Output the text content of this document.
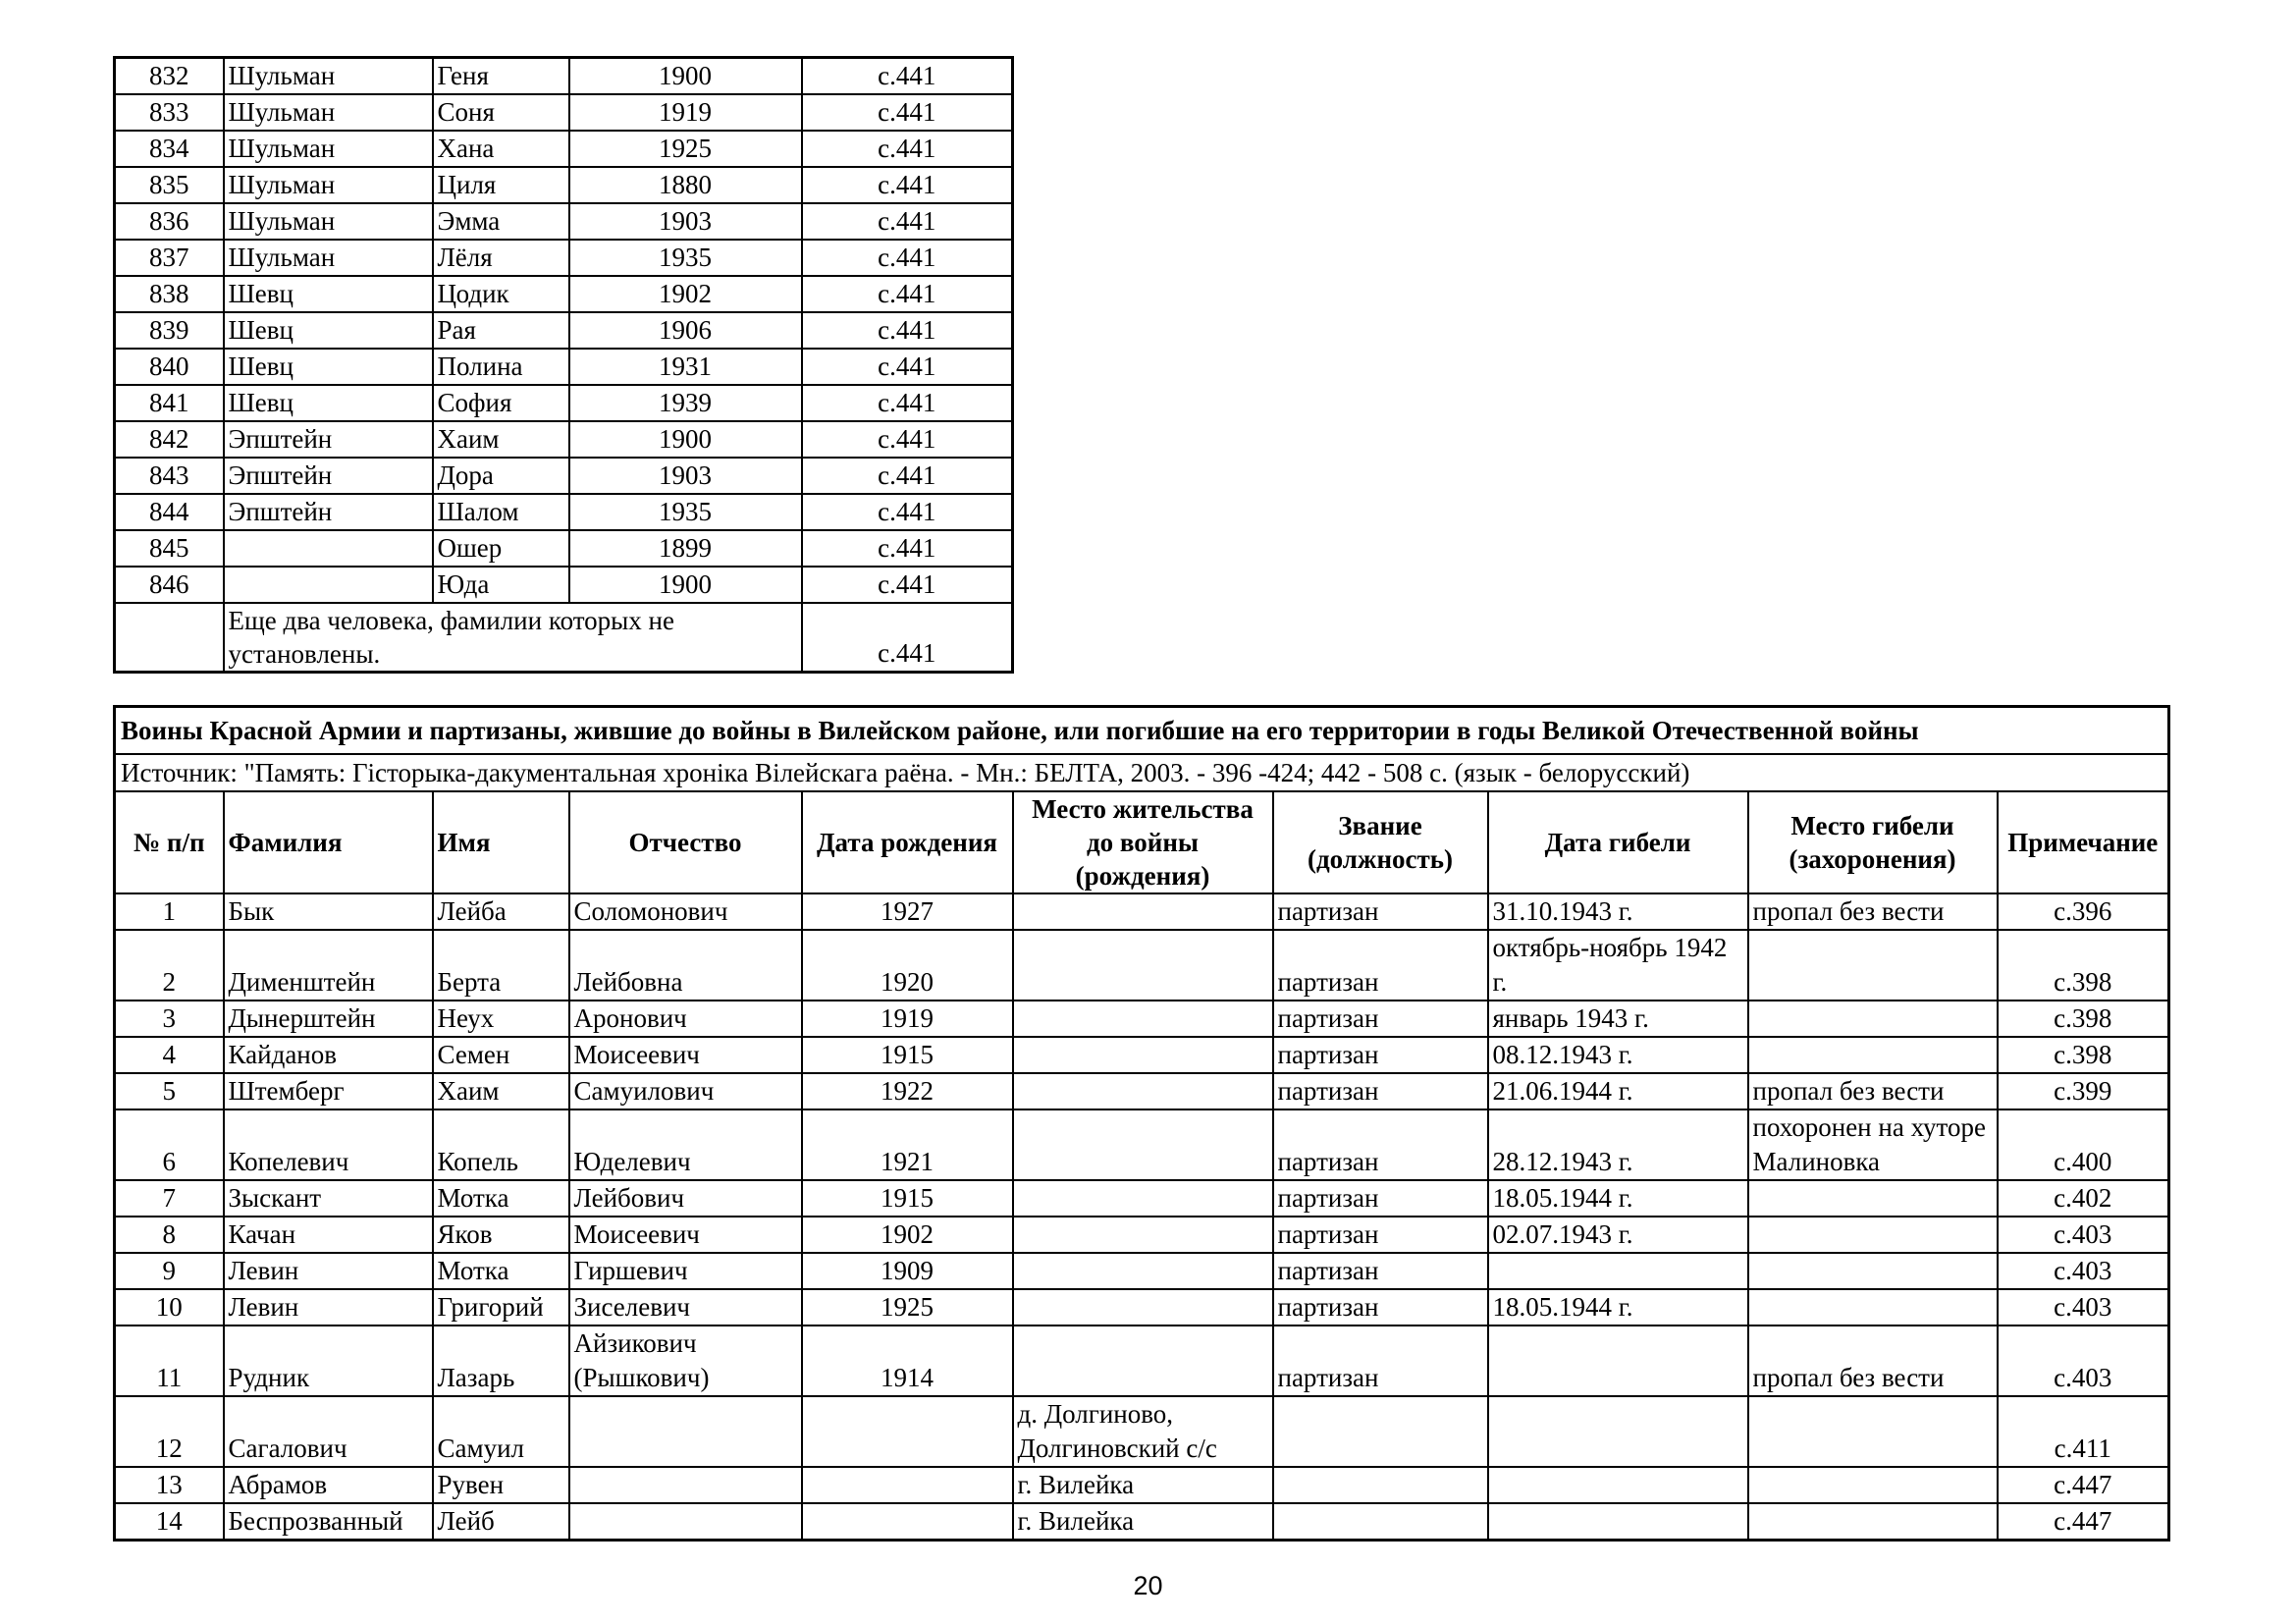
832	Шульман	Геня	1900	с.441
833	Шульман	Соня	1919	с.441
834	Шульман	Хана	1925	с.441
835	Шульман	Циля	1880	с.441
836	Шульман	Эмма	1903	с.441
837	Шульман	Лёля	1935	с.441
838	Шевц	Цодик	1902	с.441
839	Шевц	Рая	1906	с.441
840	Шевц	Полина	1931	с.441
841	Шевц	София	1939	с.441
842	Эпштейн	Хаим	1900	с.441
843	Эпштейн	Дора	1903	с.441
844	Эпштейн	Шалом	1935	с.441
845		Ошер	1899	с.441
846		Юда	1900	с.441
	Еще два человека, фамилии которых не установлены.			с.441
Воины Красной Армии и партизаны, жившие до войны в Вилейском районе, или погибшие на его территории в годы Великой Отечественной войны									
Источник: "Память: Гісторыка-дакументальная хроніка Вілейскага раёна. - Мн.: БЕЛТА, 2003. - 396 -424; 442 - 508 с. (язык - белорусский)									
№ п/п	Фамилия	Имя	Отчество	Дата рождения	Место жительства до войны (рождения)	Звание (должность)	Дата гибели	Место гибели (захоронения)	Примечание
1	Бык	Лейба	Соломонович	1927		партизан	31.10.1943 г.	пропал без вести	с.396
2	Дименштейн	Берта	Лейбовна	1920		партизан	октябрь-ноябрь 1942 г.		с.398
3	Дынерштейн	Неух	Аронович	1919		партизан	январь 1943 г.		с.398
4	Кайданов	Семен	Моисеевич	1915		партизан	08.12.1943 г.		с.398
5	Штемберг	Хаим	Самуилович	1922		партизан	21.06.1944 г.	пропал без вести	с.399
6	Копелевич	Копель	Юделевич	1921		партизан	28.12.1943 г.	похоронен на хуторе Малиновка	с.400
7	Зыскант	Мотка	Лейбович	1915		партизан	18.05.1944 г.		с.402
8	Качан	Яков	Моисеевич	1902		партизан	02.07.1943 г.		с.403
9	Левин	Мотка	Гиршевич	1909		партизан			с.403
10	Левин	Григорий	Зиселевич	1925		партизан	18.05.1944 г.		с.403
11	Рудник	Лазарь	Айзикович (Рышкович)	1914		партизан		пропал без вести	с.403
12	Сагалович	Самуил			д. Долгиново, Долгиновский с/с				с.411
13	Абрамов	Рувен			г. Вилейка				с.447
14	Беспрозванный	Лейб			г. Вилейка				с.447
20
